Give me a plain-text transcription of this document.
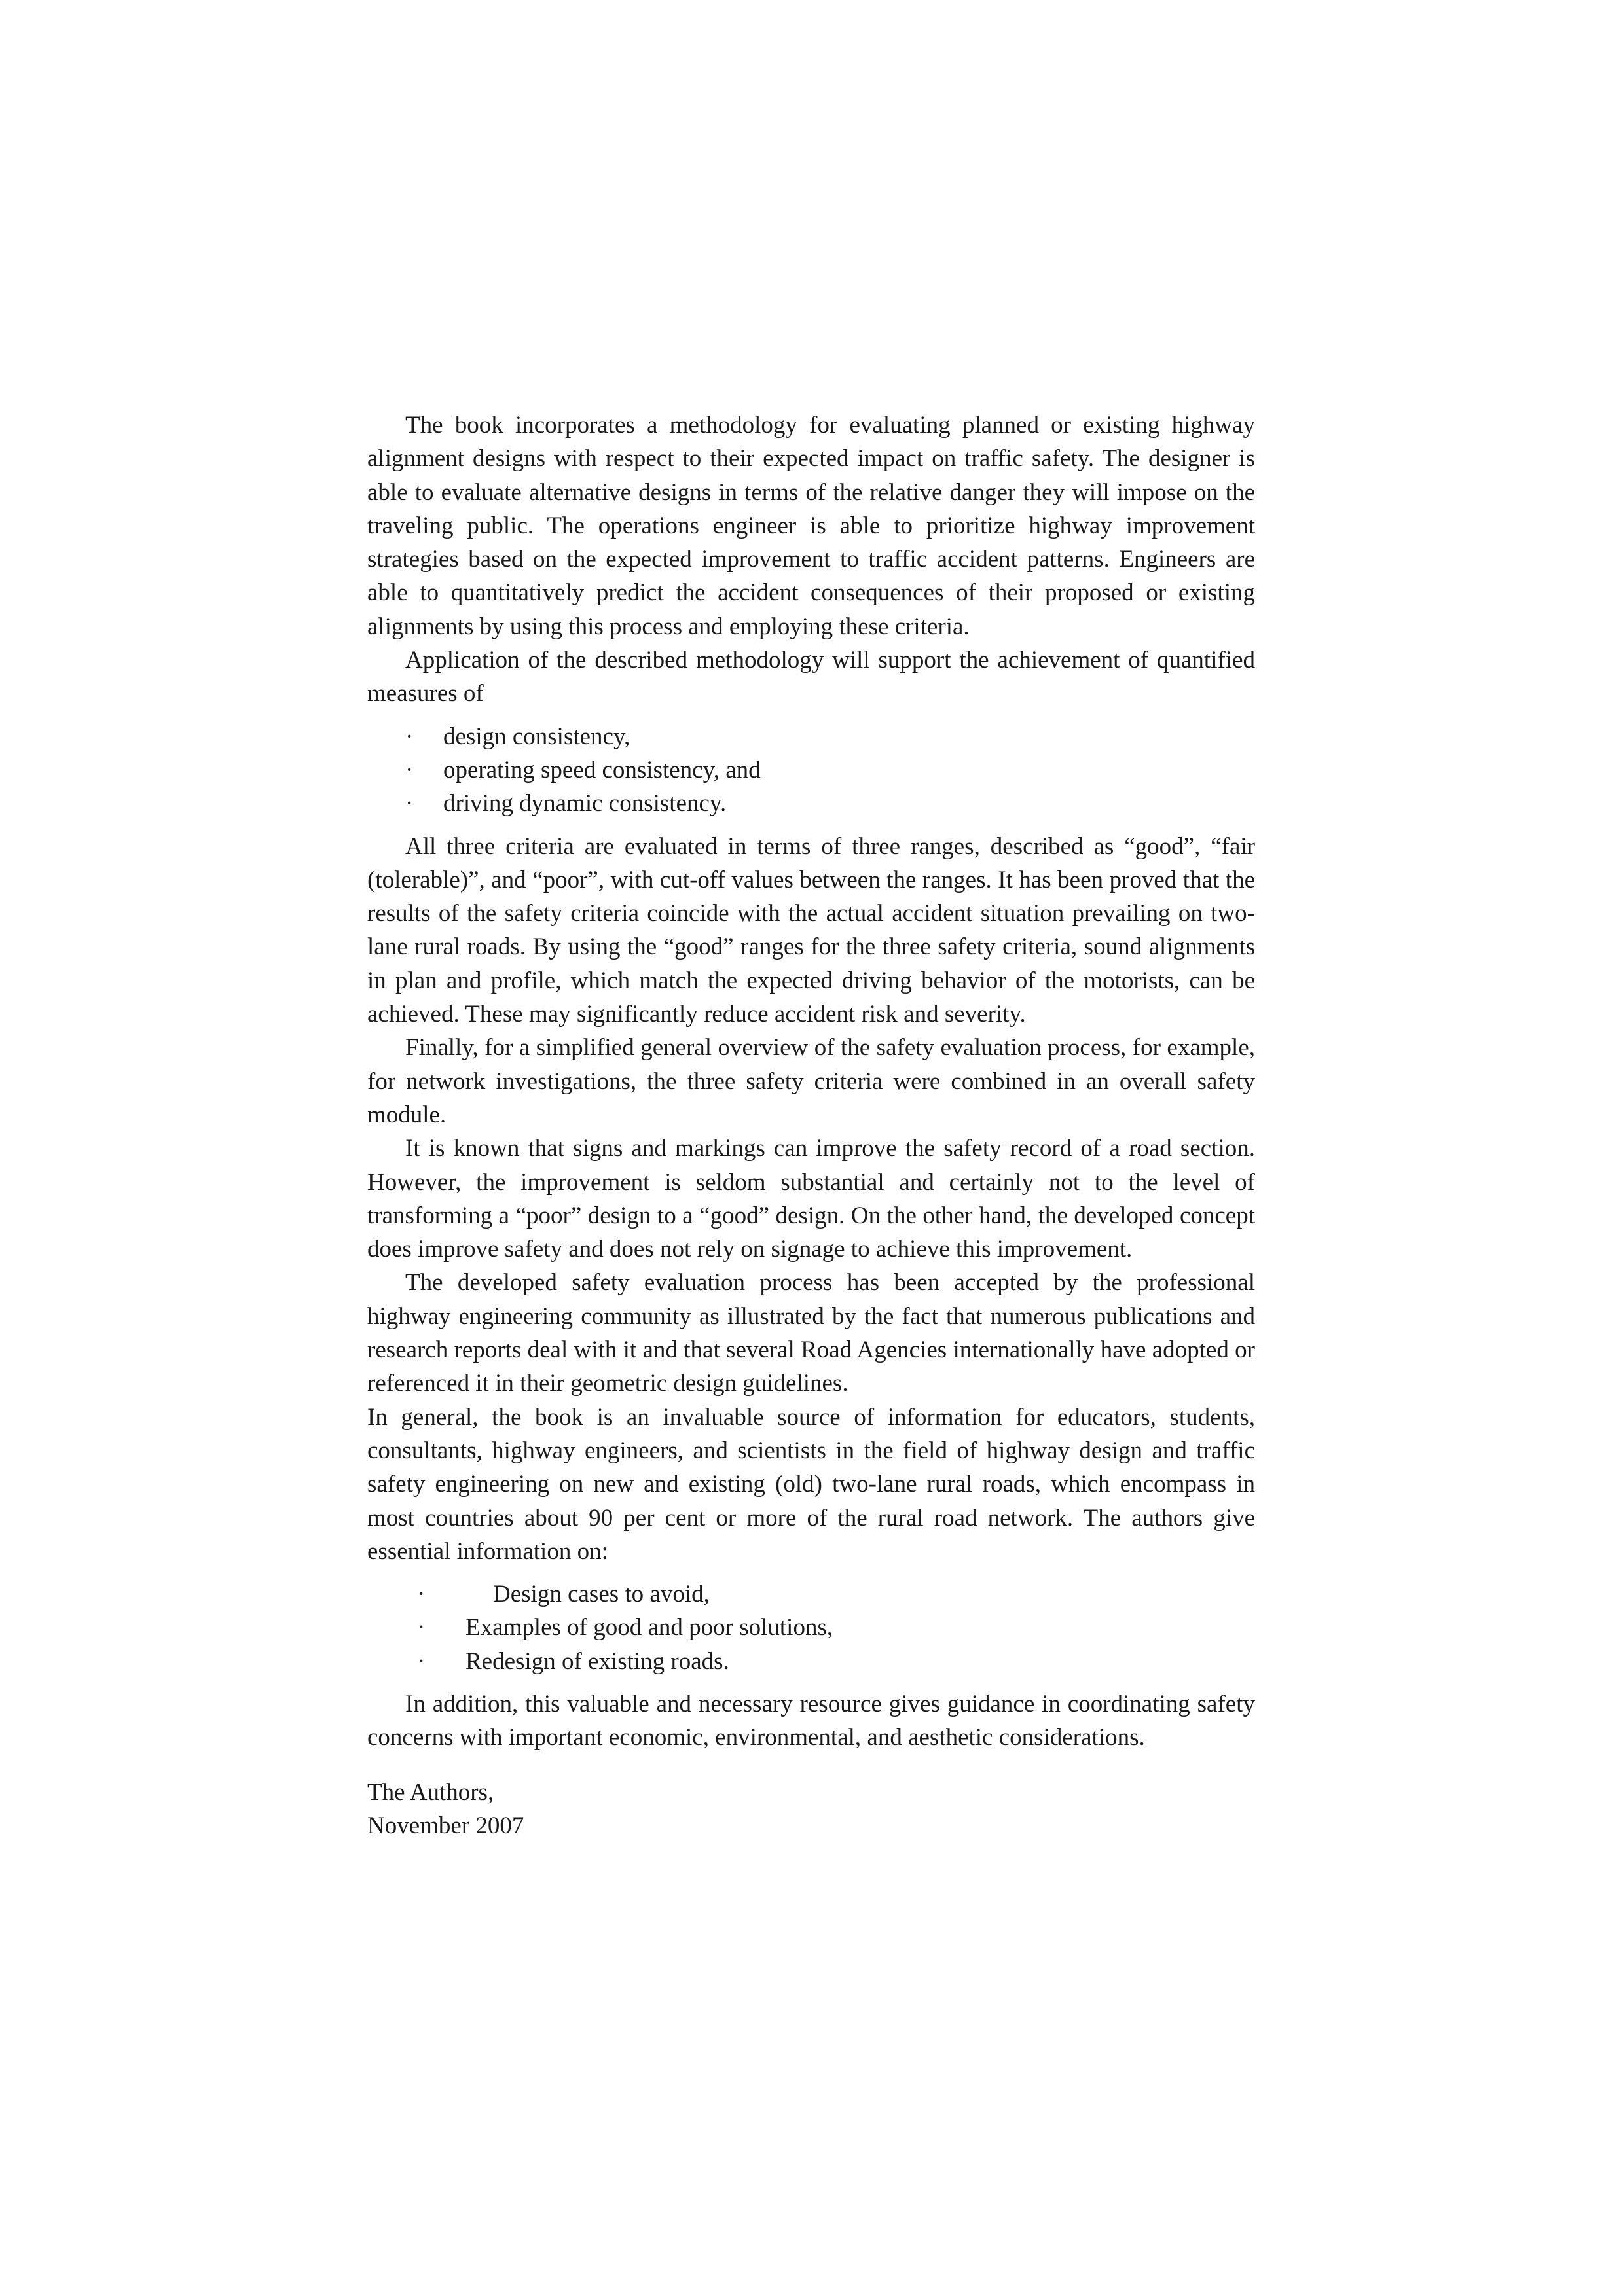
The book incorporates a methodology for evaluating planned or existing highway alignment designs with respect to their expected impact on traffic safety. The designer is able to evaluate alternative designs in terms of the relative danger they will impose on the traveling public. The operations engineer is able to prioritize highway improvement strategies based on the expected improvement to traffic accident patterns. Engineers are able to quantitatively predict the accident consequences of their proposed or existing alignments by using this process and employing these criteria.

Application of the described methodology will support the achievement of quantified measures of

· design consistency,
· operating speed consistency, and
· driving dynamic consistency.

All three criteria are evaluated in terms of three ranges, described as “good”, “fair (tolerable)”, and “poor”, with cut-off values between the ranges. It has been proved that the results of the safety criteria coincide with the actual accident situation prevailing on two-lane rural roads. By using the “good” ranges for the three safety criteria, sound alignments in plan and profile, which match the expected driving behavior of the motorists, can be achieved. These may significantly reduce accident risk and severity.

Finally, for a simplified general overview of the safety evaluation process, for example, for network investigations, the three safety criteria were combined in an overall safety module.

It is known that signs and markings can improve the safety record of a road section. However, the improvement is seldom substantial and certainly not to the level of transforming a “poor” design to a “good” design. On the other hand, the developed concept does improve safety and does not rely on signage to achieve this improvement.

The developed safety evaluation process has been accepted by the professional highway engineering community as illustrated by the fact that numerous publications and research reports deal with it and that several Road Agencies internationally have adopted or referenced it in their geometric design guidelines.

In general, the book is an invaluable source of information for educators, students, consultants, highway engineers, and scientists in the field of highway design and traffic safety engineering on new and existing (old) two-lane rural roads, which encompass in most countries about 90 per cent or more of the rural road network. The authors give essential information on:

·	Design cases to avoid,
· Examples of good and poor solutions,
· Redesign of existing roads.

In addition, this valuable and necessary resource gives guidance in coordinating safety concerns with important economic, environmental, and aesthetic considerations.

The Authors,

November 2007
